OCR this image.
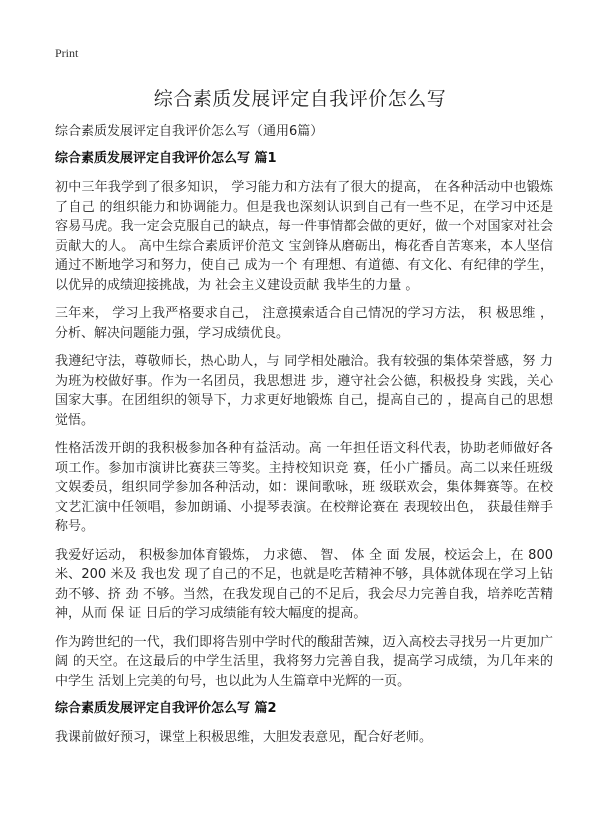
Print
综合素质发展评定自我评价怎么写
综合素质发展评定自我评价怎么写（通用6篇）
综合素质发展评定自我评价怎么写 篇1

初中三年我学到了很多知识， 学习能力和方法有了很大的提高， 在各种活动中也锻炼了自己 的组织能力和协调能力。但是我也深刻认识到自己有一些不足，在学习中还是容易马虎。我一定会克服自己的缺点，每一件事情都会做的更好，做一个对国家对社会贡献大的人。 高中生综合素质评价范文 宝剑锋从磨砺出，梅花香自苦寒来，本人坚信通过不断地学习和努力，使自己 成为一个 有理想、有道德、有文化、有纪律的学生，以优异的成绩迎接挑战，为 社会主义建设贡献 我毕生的力量 。

三年来， 学习上我严格要求自己， 注意摸索适合自己情况的学习方法， 积 极思维 ，分析、解决问题能力强，学习成绩优良。

我遵纪守法，尊敬师长，热心助人，与 同学相处融洽。我有较强的集体荣誉感，努 力为班为校做好事。作为一名团员，我思想进 步，遵守社会公德，积极投身 实践，关心国家大事。在团组织的领导下，力求更好地锻炼 自己，提高自己的 ，提高自己的思想觉悟。

性格活泼开朗的我积极参加各种有益活动。高 一年担任语文科代表，协助老师做好各项工作。参加市演讲比赛获三等奖。主持校知识竞 赛，任小广播员。高二以来任班级文娱委员，组织同学参加各种活动，如：课间歌咏，班 级联欢会，集体舞赛等。在校文艺汇演中任领唱，参加朗诵、小提琴表演。在校辩论赛在 表现较出色， 获最佳辩手称号。

我爱好运动， 积极参加体育锻炼， 力求德、 智、 体 全 面 发展，校运会上，在 800 米、200 米及 我也发 现了自己的不足，也就是吃苦精神不够，具体就体现在学习上钻劲不够、挤 劲 不够。当然，在我发现自己的不足后，我会尽力完善自我，培养吃苦精神，从而 保 证 日后的学习成绩能有较大幅度的提高。

作为跨世纪的一代，我们即将告别中学时代的酸甜苦辣，迈入高校去寻找另一片更加广阔 的天空。在这最后的中学生活里，我将努力完善自我，提高学习成绩，为几年来的中学生 活划上完美的句号，也以此为人生篇章中光辉的一页。

综合素质发展评定自我评价怎么写 篇2

我课前做好预习，课堂上积极思维，大胆发表意见，配合好老师。
